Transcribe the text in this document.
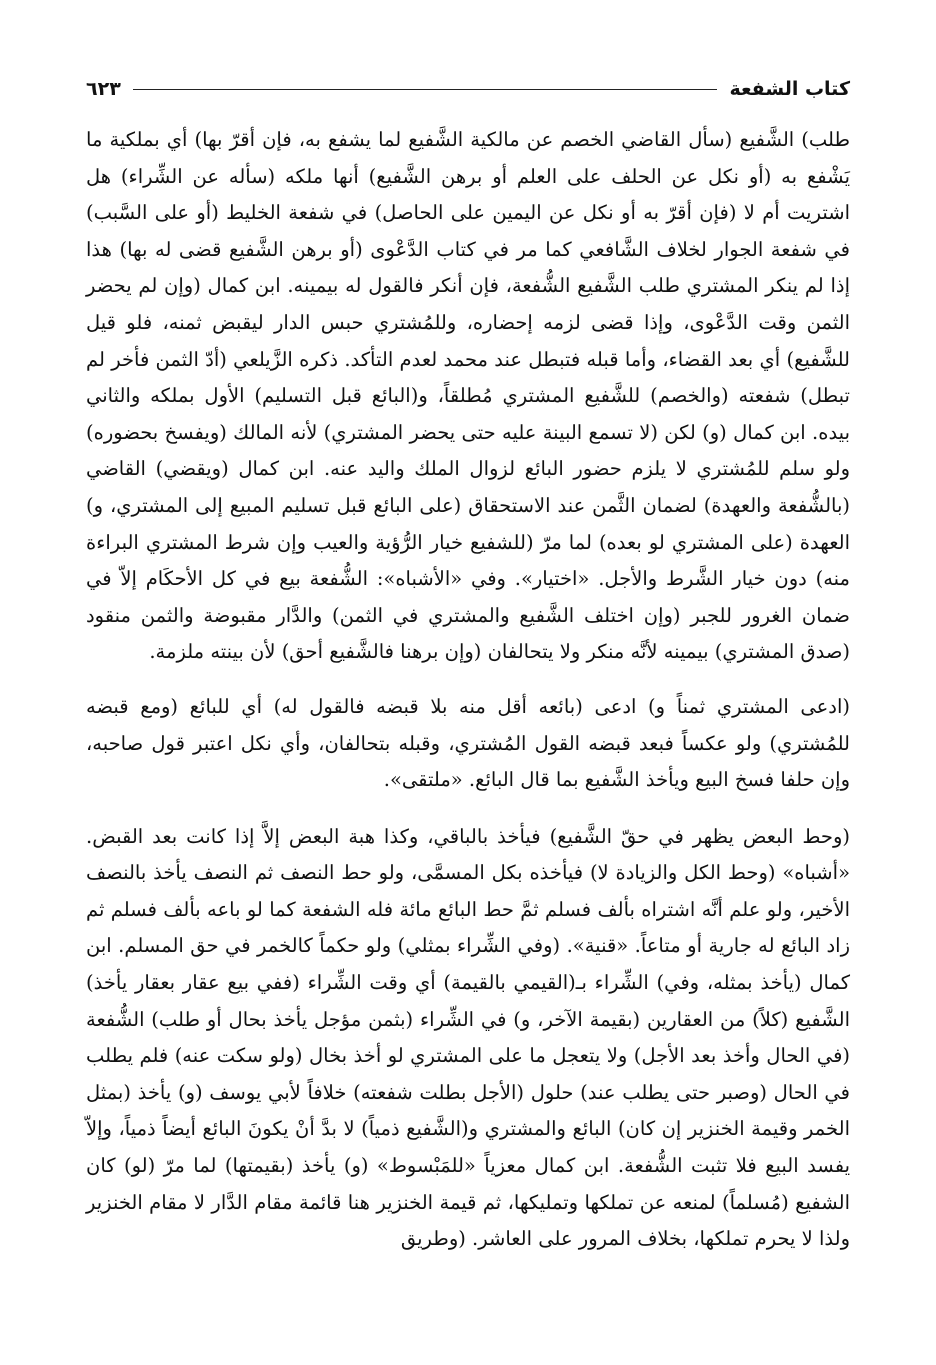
كتاب الشفعة
٦٢٣

طلب) الشَّفيع (سأل القاضي الخصم عن مالكية الشَّفيع لما يشفع به، فإن أقرّ بها) أي بملكية ما يَشْفع به (أو نكل عن الحلف على العلم أو برهن الشَّفيع) أنها ملكه (سأله عن الشِّراء) هل اشتريت أم لا (فإن أقرّ به أو نكل عن اليمين على الحاصل) في شفعة الخليط (أو على السَّبب) في شفعة الجوار لخلاف الشَّافعي كما مر في كتاب الدَّعْوى (أو برهن الشَّفيع قضى له بها) هذا إذا لم ينكر المشتري طلب الشَّفيع الشُّفعة، فإن أنكر فالقول له بيمينه. ابن كمال (وإن لم يحضر الثمن وقت الدَّعْوى، وإذا قضى لزمه إحضاره، وللمُشتري حبس الدار ليقبض ثمنه، فلو قيل للشَّفيع) أي بعد القضاء، وأما قبله فتبطل عند محمد لعدم التأكد. ذكره الزَّيلعي (أدّ الثمن فأخر لم تبطل) شفعته (والخصم) للشَّفيع المشتري مُطلقاً، و(البائع قبل التسليم) الأول بملكه والثاني بيده. ابن كمال (و) لكن (لا تسمع البينة عليه حتى يحضر المشتري) لأنه المالك (ويفسخ بحضوره) ولو سلم للمُشتري لا يلزم حضور البائع لزوال الملك واليد عنه. ابن كمال (ويقضي) القاضي (بالشُّفعة والعهدة) لضمان الثَّمن عند الاستحقاق (على البائع قبل تسليم المبيع إلى المشتري، و) العهدة (على المشتري لو بعده) لما مرّ (للشفيع خيار الرُّؤية والعيب وإن شرط المشتري البراءة منه) دون خيار الشَّرط والأجل. «اختيار». وفي «الأشباه»: الشُّفعة بيع في كل الأحكَام إلاّ في ضمان الغرور للجبر (وإن اختلف الشَّفيع والمشتري في الثمن) والدَّار مقبوضة والثمن منقود (صدق المشتري) بيمينه لأنَّه منكر ولا يتحالفان (وإن برهنا فالشَّفيع أحق) لأن بينته ملزمة.

(ادعى المشتري ثمناً و) ادعى (بائعه أقل منه بلا قبضه فالقول له) أي للبائع (ومع قبضه للمُشتري) ولو عكساً فبعد قبضه القول المُشتري، وقبله بتحالفان، وأي نكل اعتبر قول صاحبه، وإن حلفا فسخ البيع ويأخذ الشَّفيع بما قال البائع. «ملتقى».

(وحط البعض يظهر في حقّ الشَّفيع) فيأخذ بالباقي، وكذا هبة البعض إلاَّ إذا كانت بعد القبض. «أشباه» (وحط الكل والزيادة لا) فيأخذه بكل المسمَّى، ولو حط النصف ثم النصف يأخذ بالنصف الأخير، ولو علم أنَّه اشتراه بألف فسلم ثمَّ حط البائع مائة فله الشفعة كما لو باعه بألف فسلم ثم زاد البائع له جارية أو متاعاً. «قنية». (وفي الشِّراء بمثلي) ولو حكماً كالخمر في حق المسلم. ابن كمال (يأخذ بمثله، وفي) الشِّراء بـ(القيمي بالقيمة) أي وقت الشِّراء (ففي بيع عقار بعقار يأخذ) الشَّفيع (كلاً) من العقارين (بقيمة الآخر، و) في الشِّراء (بثمن مؤجل يأخذ بحال أو طلب) الشُّفعة (في الحال وأخذ بعد الأجل) ولا يتعجل ما على المشتري لو أخذ بخال (ولو سكت عنه) فلم يطلب في الحال (وصبر حتى يطلب عند) حلول (الأجل بطلت شفعته) خلافاً لأبي يوسف (و) يأخذ (بمثل الخمر وقيمة الخنزير إن كان) البائع والمشتري و(الشَّفيع ذمياً) لا بدَّ أنْ يكونَ البائع أيضاً ذمياً، وإلاّ يفسد البيع فلا تثبت الشُّفعة. ابن كمال معزياً «للمَبْسوط» (و) يأخذ (بقيمتها) لما مرّ (لو) كان الشفيع (مُسلماً) لمنعه عن تملكها وتمليكها، ثم قيمة الخنزير هنا قائمة مقام الدَّار لا مقام الخنزير ولذا لا يحرم تملكها، بخلاف المرور على العاشر. (وطريق
